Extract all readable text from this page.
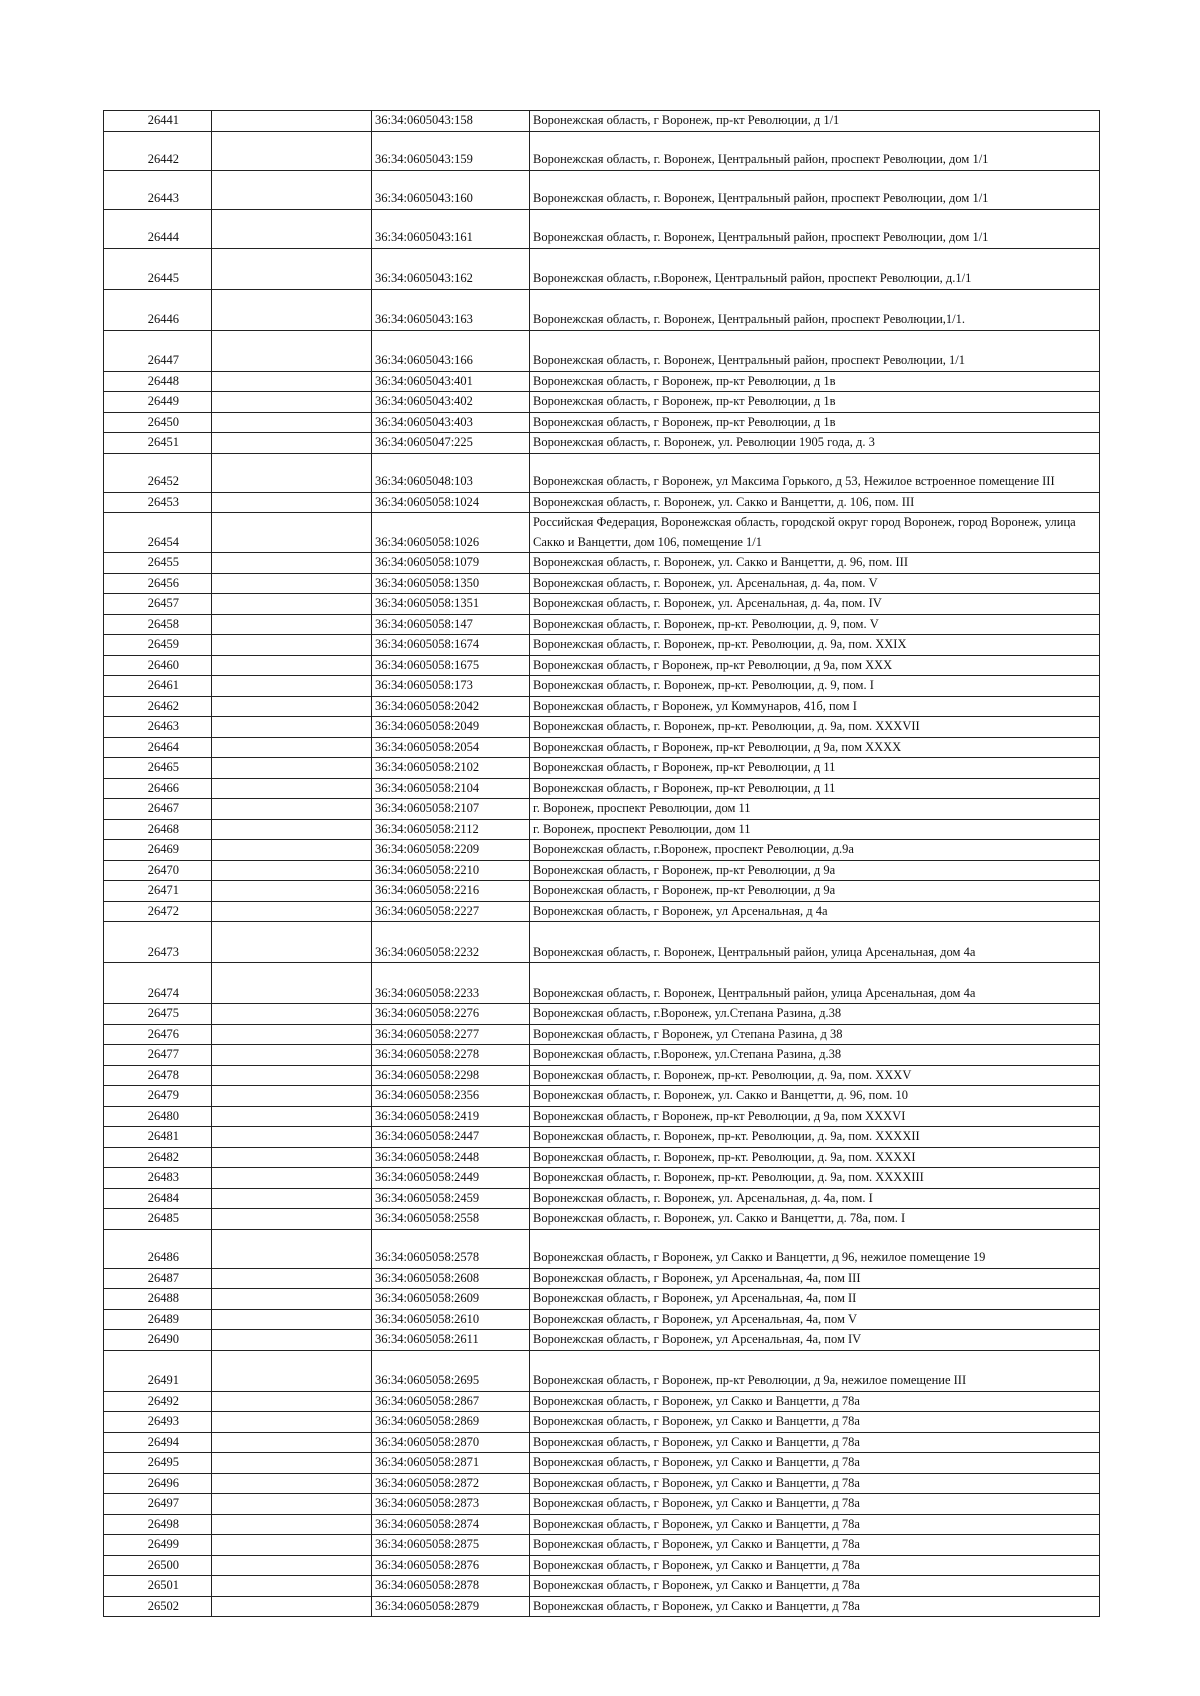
26441		36:34:0605043:158	Воронежская область, г Воронеж, пр-кт Революции, д 1/1
26442		36:34:0605043:159	Воронежская область, г. Воронеж, Центральный район, проспект Революции, дом 1/1
26443		36:34:0605043:160	Воронежская область, г. Воронеж, Центральный район, проспект Революции, дом 1/1
26444		36:34:0605043:161	Воронежская область, г. Воронеж, Центральный район, проспект Революции, дом 1/1
26445		36:34:0605043:162	Воронежская область, г.Воронеж, Центральный район, проспект Революции, д.1/1
26446		36:34:0605043:163	Воронежская область, г. Воронеж, Центральный район, проспект Революции,1/1.
26447		36:34:0605043:166	Воронежская область, г. Воронеж, Центральный район, проспект Революции, 1/1
26448		36:34:0605043:401	Воронежская область, г Воронеж, пр-кт Революции, д 1в
26449		36:34:0605043:402	Воронежская область, г Воронеж, пр-кт Революции, д 1в
26450		36:34:0605043:403	Воронежская область, г Воронеж, пр-кт Революции, д 1в
26451		36:34:0605047:225	Воронежская область, г. Воронеж, ул. Революции 1905 года, д. 3
26452		36:34:0605048:103	Воронежская область, г Воронеж, ул Максима Горького, д 53, Нежилое встроенное помещение III
26453		36:34:0605058:1024	Воронежская область, г. Воронеж, ул. Сакко и Ванцетти, д. 106, пом. III
26454		36:34:0605058:1026	Российская Федерация, Воронежская область, городской округ город Воронеж, город Воронеж, улица Сакко и Ванцетти, дом 106, помещение 1/1
26455		36:34:0605058:1079	Воронежская область, г. Воронеж, ул. Сакко и Ванцетти, д. 96, пом. III
26456		36:34:0605058:1350	Воронежская область, г. Воронеж, ул. Арсенальная, д. 4а, пом. V
26457		36:34:0605058:1351	Воронежская область, г. Воронеж, ул. Арсенальная, д. 4а, пом. IV
26458		36:34:0605058:147	Воронежская область, г. Воронеж, пр-кт. Революции, д. 9, пом. V
26459		36:34:0605058:1674	Воронежская область, г. Воронеж, пр-кт. Революции, д. 9а, пом. XXIX
26460		36:34:0605058:1675	Воронежская область, г Воронеж, пр-кт Революции, д 9а, пом XXX
26461		36:34:0605058:173	Воронежская область, г. Воронеж, пр-кт. Революции, д. 9, пом. I
26462		36:34:0605058:2042	Воронежская область, г Воронеж, ул Коммунаров, 41б, пом I
26463		36:34:0605058:2049	Воронежская область, г. Воронеж, пр-кт. Революции, д. 9а, пом. XXXVII
26464		36:34:0605058:2054	Воронежская область, г Воронеж, пр-кт Революции, д 9а, пом XXXX
26465		36:34:0605058:2102	Воронежская область, г Воронеж, пр-кт Революции, д 11
26466		36:34:0605058:2104	Воронежская область, г Воронеж, пр-кт Революции, д 11
26467		36:34:0605058:2107	г. Воронеж, проспект Революции, дом 11
26468		36:34:0605058:2112	г. Воронеж, проспект Революции, дом 11
26469		36:34:0605058:2209	Воронежская область, г.Воронеж, проспект Революции, д.9а
26470		36:34:0605058:2210	Воронежская область, г Воронеж, пр-кт Революции, д 9а
26471		36:34:0605058:2216	Воронежская область, г Воронеж, пр-кт Революции, д 9а
26472		36:34:0605058:2227	Воронежская область, г Воронеж, ул Арсенальная, д 4а
26473		36:34:0605058:2232	Воронежская область, г. Воронеж, Центральный район, улица Арсенальная, дом 4а
26474		36:34:0605058:2233	Воронежская область, г. Воронеж, Центральный район, улица Арсенальная, дом 4а
26475		36:34:0605058:2276	Воронежская область, г.Воронеж, ул.Степана Разина, д.38
26476		36:34:0605058:2277	Воронежская область, г Воронеж, ул Степана Разина, д 38
26477		36:34:0605058:2278	Воронежская область, г.Воронеж, ул.Степана Разина, д.38
26478		36:34:0605058:2298	Воронежская область, г. Воронеж, пр-кт. Революции, д. 9а, пом. XXXV
26479		36:34:0605058:2356	Воронежская область, г. Воронеж, ул. Сакко и Ванцетти, д. 96, пом. 10
26480		36:34:0605058:2419	Воронежская область, г Воронеж, пр-кт Революции, д 9а, пом XXXVI
26481		36:34:0605058:2447	Воронежская область, г. Воронеж, пр-кт. Революции, д. 9а, пом. XXXXII
26482		36:34:0605058:2448	Воронежская область, г. Воронеж, пр-кт. Революции, д. 9а, пом. XXXXI
26483		36:34:0605058:2449	Воронежская область, г. Воронеж, пр-кт. Революции, д. 9а, пом. XXXXIII
26484		36:34:0605058:2459	Воронежская область, г. Воронеж, ул. Арсенальная, д. 4а, пом. I
26485		36:34:0605058:2558	Воронежская область, г. Воронеж, ул. Сакко и Ванцетти, д. 78а, пом. I
26486		36:34:0605058:2578	Воронежская область, г Воронеж, ул Сакко и Ванцетти, д 96, нежилое помещение 19
26487		36:34:0605058:2608	Воронежская область, г Воронеж, ул Арсенальная, 4а, пом III
26488		36:34:0605058:2609	Воронежская область, г Воронеж, ул Арсенальная, 4а, пом II
26489		36:34:0605058:2610	Воронежская область, г Воронеж, ул Арсенальная, 4а, пом V
26490		36:34:0605058:2611	Воронежская область, г Воронеж, ул Арсенальная, 4а, пом IV
26491		36:34:0605058:2695	Воронежская область, г Воронеж, пр-кт Революции, д 9а, нежилое помещение III
26492		36:34:0605058:2867	Воронежская область, г Воронеж, ул Сакко и Ванцетти, д 78а
26493		36:34:0605058:2869	Воронежская область, г Воронеж, ул Сакко и Ванцетти, д 78а
26494		36:34:0605058:2870	Воронежская область, г Воронеж, ул Сакко и Ванцетти, д 78а
26495		36:34:0605058:2871	Воронежская область, г Воронеж, ул Сакко и Ванцетти, д 78а
26496		36:34:0605058:2872	Воронежская область, г Воронеж, ул Сакко и Ванцетти, д 78а
26497		36:34:0605058:2873	Воронежская область, г Воронеж, ул Сакко и Ванцетти, д 78а
26498		36:34:0605058:2874	Воронежская область, г Воронеж, ул Сакко и Ванцетти, д 78а
26499		36:34:0605058:2875	Воронежская область, г Воронеж, ул Сакко и Ванцетти, д 78а
26500		36:34:0605058:2876	Воронежская область, г Воронеж, ул Сакко и Ванцетти, д 78а
26501		36:34:0605058:2878	Воронежская область, г Воронеж, ул Сакко и Ванцетти, д 78а
26502		36:34:0605058:2879	Воронежская область, г Воронеж, ул Сакко и Ванцетти, д 78а
